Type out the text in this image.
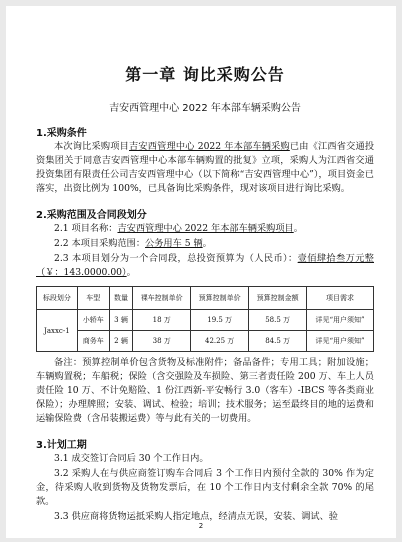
第一章 询比采购公告
吉安西管理中心 2022 年本部车辆采购公告
1.采购条件
本次询比采购项目吉安西管理中心 2022 年本部车辆采购已由《江西省交通投资集团关于同意吉安西管理中心本部车辆购置的批复》立项，采购人为江西省交通投资集团有限责任公司吉安西管理中心（以下简称“吉安西管理中心”），项目资金已落实，出资比例为 100%，已具备询比采购条件，现对该项目进行询比采购。
2.采购范围及合同段划分
2.1 项目名称：吉安西管理中心 2022 年本部车辆采购项目。
2.2 本项目采购范围：公务用车 5 辆。
2.3 本项目划分为一个合同段，总投资预算为（人民币）：壹佰肆拾叁万元整（￥：143.0000.00）。
标段划分	车型	数量	裸车控制单价	预算控制单价	预算控制金额	项目需求
Jaxxc-1	小轿车	3 辆	18 万	19.5 万	58.5 万	详见“用户须知”
	商务车	2 辆	38 万	42.25 万	84.5 万	详见“用户须知”
备注：预算控制单价包含货物及标准附件；备品备件；专用工具；附加设施；车辆购置税；车船税；保险（含交强险及车损险、第三者责任险 200 万、车上人员责任险 10 万、不计免赔险、1 份江西新-平安畅行 3.0（客车）-IBCS 等各类商业保险）；办理牌照；安装、调试、检验；培训；技术服务；运至最终目的地的运费和运输保险费（含吊装搬运费）等与此有关的一切费用。
3.计划工期
3.1 成交签订合同后 30 个工作日内。
3.2 采购人在与供应商签订购车合同后 3 个工作日内预付全款的 30% 作为定金，待采购人收到货物及货物发票后，在 10 个工作日内支付剩余全款 70% 的尾款。
3.3 供应商将货物运抵采购人指定地点，经清点无误，安装、调试、验
2
